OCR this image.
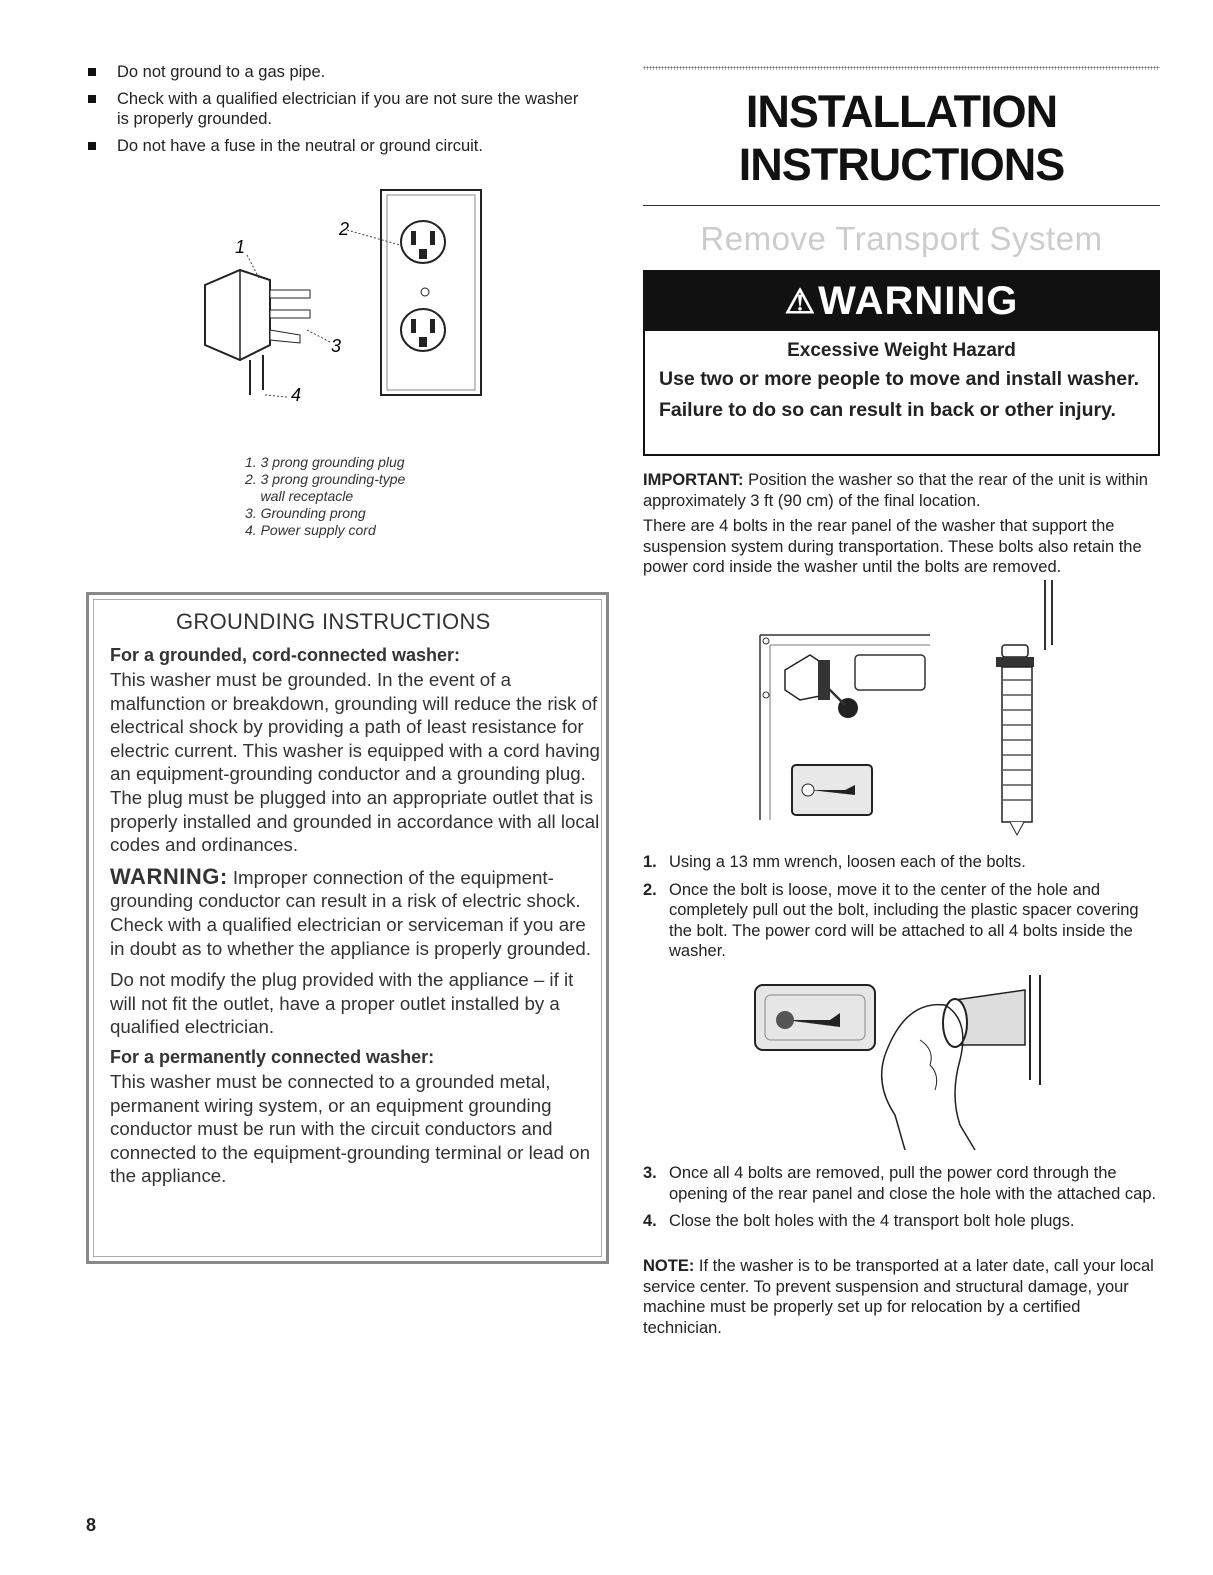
Do not ground to a gas pipe.
Check with a qualified electrician if you are not sure the washer is properly grounded.
Do not have a fuse in the neutral or ground circuit.
1
2
3
4
1. 3 prong grounding plug
2. 3 prong grounding-type
wall receptacle
3. Grounding prong
4. Power supply cord
GROUNDING INSTRUCTIONS
For a grounded, cord-connected washer:
This washer must be grounded. In the event of a malfunction or breakdown, grounding will reduce the risk of electrical shock by providing a path of least resistance for electric current. This washer is equipped with a cord having an equipment-grounding conductor and a grounding plug. The plug must be plugged into an appropriate outlet that is properly installed and grounded in accordance with all local codes and ordinances.
WARNING: Improper connection of the equipment-grounding conductor can result in a risk of electric shock. Check with a qualified electrician or serviceman if you are in doubt as to whether the appliance is properly grounded.
Do not modify the plug provided with the appliance – if it will not fit the outlet, have a proper outlet installed by a qualified electrician.
For a permanently connected washer:
This washer must be connected to a grounded metal, permanent wiring system, or an equipment grounding conductor must be run with the circuit conductors and connected to the equipment-grounding terminal or lead on the appliance.
8
INSTALLATION
INSTRUCTIONS
Remove Transport System
⚠ WARNING
Excessive Weight Hazard
Use two or more people to move and install washer.
Failure to do so can result in back or other injury.
IMPORTANT: Position the washer so that the rear of the unit is within approximately 3 ft (90 cm) of the final location.
There are 4 bolts in the rear panel of the washer that support the suspension system during transportation. These bolts also retain the power cord inside the washer until the bolts are removed.
1. Using a 13 mm wrench, loosen each of the bolts.
2. Once the bolt is loose, move it to the center of the hole and completely pull out the bolt, including the plastic spacer covering the bolt. The power cord will be attached to all 4 bolts inside the washer.
3. Once all 4 bolts are removed, pull the power cord through the opening of the rear panel and close the hole with the attached cap.
4. Close the bolt holes with the 4 transport bolt hole plugs.
NOTE: If the washer is to be transported at a later date, call your local service center. To prevent suspension and structural damage, your machine must be properly set up for relocation by a certified technician.
